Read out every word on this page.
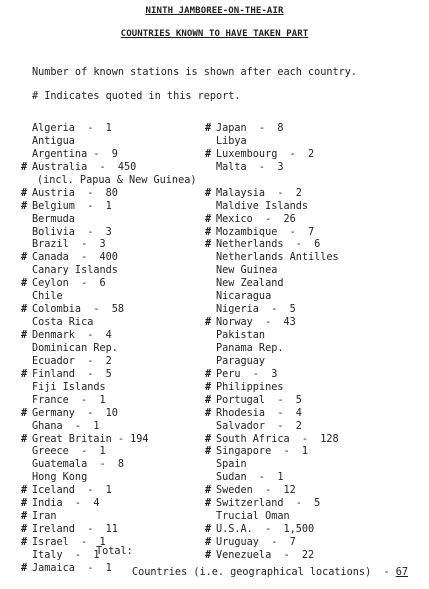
NINTH JAMBOREE-ON-THE-AIR
COUNTRIES KNOWN TO HAVE TAKEN PART
Number of known stations is shown after each country.
# Indicates quoted in this report.
Algeria  -  1
Antigua
Argentina -  9
# Australia  -  450
(incl. Papua & New Guinea)
# Austria  -  80
# Belgium  -  1
Bermuda
Bolivia  -  3
Brazil  -  3
# Canada  -  400
Canary Islands
# Ceylon  -  6
Chile
# Colombia  -  58
Costa Rica
# Denmark  -  4
Dominican Rep.
Ecuador  -  2
# Finland  -  5
Fiji Islands
France  -  1
# Germany  -  10
Ghana  -  1
# Great Britain - 194
Greece  -  1
Guatemala  -  8
Hong Kong
# Iceland  -  1
# India  -  4
# Iran
# Ireland  -  11
# Israel  -  1
Italy  -  1
# Jamaica  -  1
# Japan  -  8
Libya
# Luxembourg  -  2
Malta  -  3
# Malaysia  -  2
Maldive Islands
# Mexico  -  26
# Mozambique  -  7
# Netherlands  -  6
Netherlands Antilles
New Guinea
New Zealand
Nicaragua
Nigeria  -  5
# Norway  -  43
Pakistan
Panama Rep.
Paraguay
# Peru  -  3
# Philippines
# Portugal  -  5
# Rhodesia  -  4
Salvador  -  2
# South Africa  -  128
# Singapore  -  1
Spain
Sudan  -  1
# Sweden  -  12
# Switzerland  -  5
Trucial Oman
# U.S.A.  -  1,500
# Uruguay  -  7
# Venezuela  -  22
Total:
Countries (i.e. geographical locations)  - 67
